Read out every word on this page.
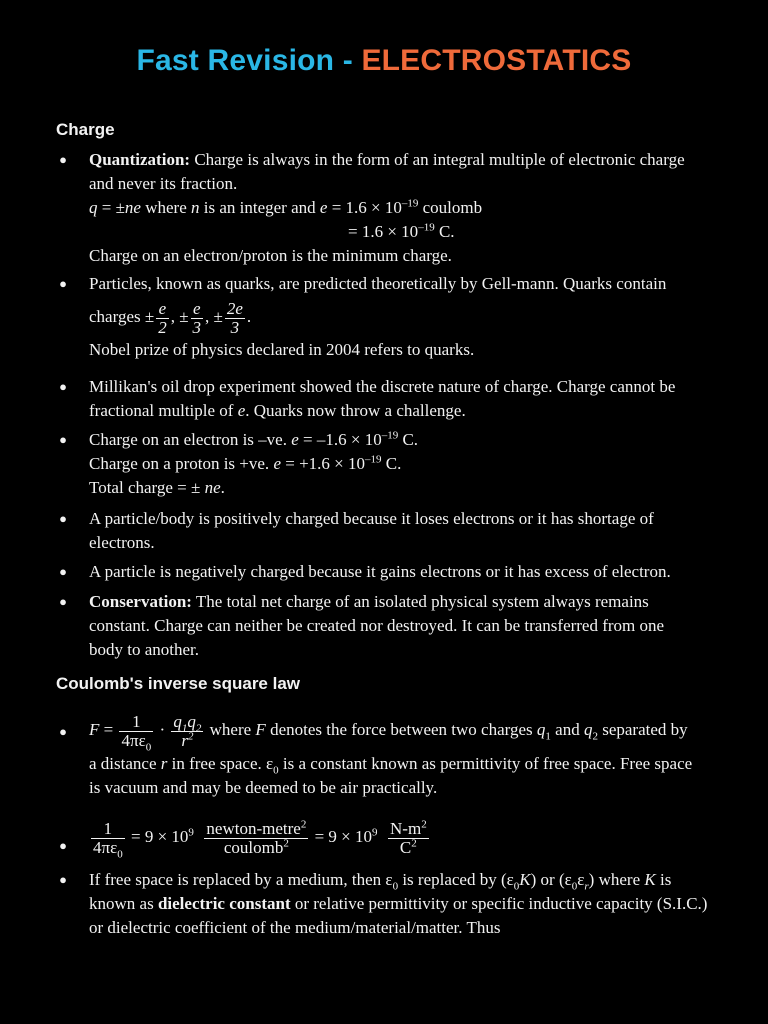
Fast Revision - ELECTROSTATICS
Charge
● Quantization: Charge is always in the form of an integral multiple of electronic charge
and never its fraction.
q = ±ne where n is an integer and $e = 1.6 \times 10^{-19}$ coulomb
= $1.6 \times 10^{-19}$ C.
Charge on an electron/proton is the minimum charge.
● Particles, known as quarks, are predicted theoretically by Gell-mann. Quarks contain
charges ± $\frac{e}{2}$ , ± $\frac{e}{3}$ , ± $\frac{2e}{3}$ .
Nobel prize of physics declared in 2004 refers to quarks.
● Millikan's oil drop experiment showed the discrete nature of charge. Charge cannot be
fractional multiple of e. Quarks now throw a challenge.
● Charge on an electron is –ve. $e = -1.6 \times 10^{-19}$ C.
Charge on a proton is +ve. $e = +1.6 \times 10^{-19}$ C.
Total charge = ± ne.
● A particle/body is positively charged because it loses electrons or it has shortage of
electrons.
● A particle is negatively charged because it gains electrons or it has excess of electron.
● Conservation: The total net charge of an isolated physical system always remains
constant. Charge can neither be created nor destroyed. It can be transferred from one
body to another.
Coulomb's inverse square law
● $F = \frac{1}{4\pi\varepsilon_0} \cdot \frac{q_1q_2}{r^2}$ where F denotes the force between two charges $q_1$ and $q_2$ separated by
a distance r in free space. $\varepsilon_0$ is a constant known as permittivity of free space. Free space
is vacuum and may be deemed to be air practically.
● $\frac{1}{4\pi\varepsilon_0} = 9 \times 10^9 \frac{newton-metre^2}{coulomb^2} = 9 \times 10^9 \frac{N-m^2}{C^2}$
● If free space is replaced by a medium, then $\varepsilon_0$ is replaced by $(\varepsilon_0K)$ or $(\varepsilon_0\varepsilon_r)$ where K is
known as dielectric constant or relative permittivity or specific inductive capacity (S.I.C.)
or dielectric coefficient of the medium/material/matter. Thus
